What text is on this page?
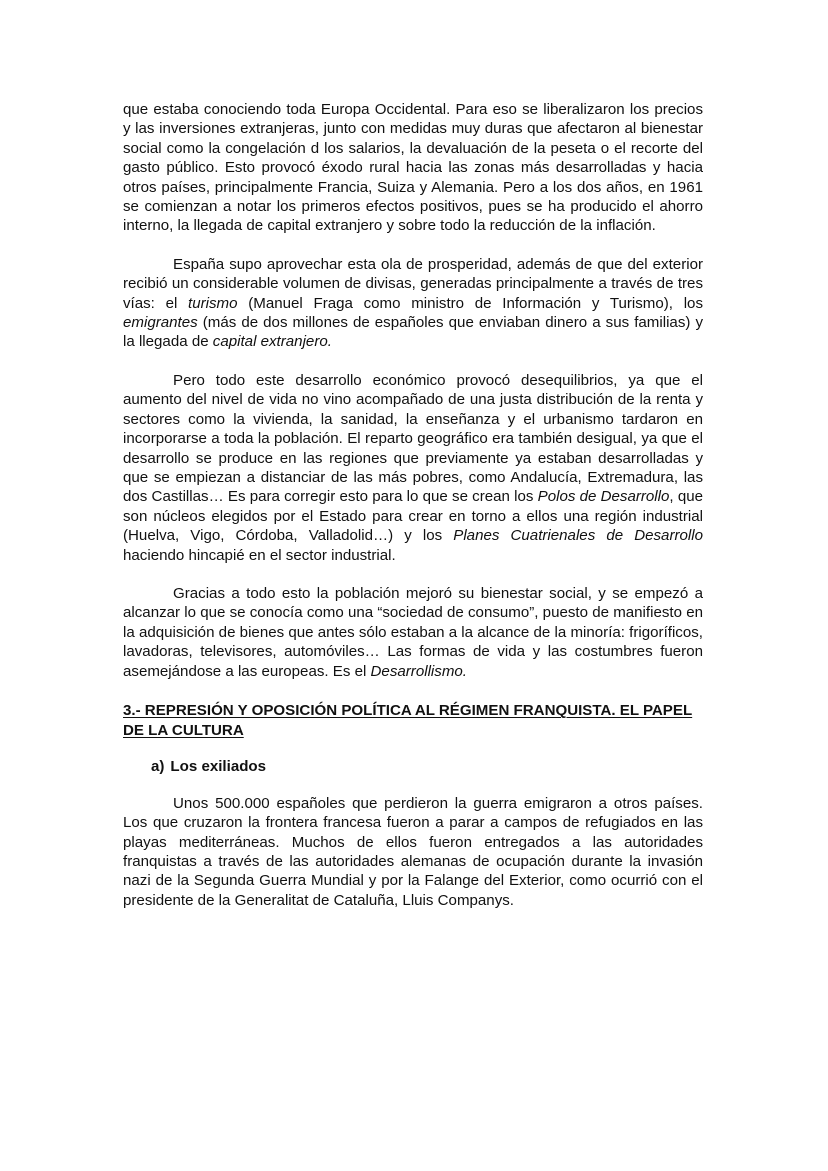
que estaba conociendo toda Europa Occidental. Para eso se liberalizaron los precios y las inversiones extranjeras, junto con medidas muy duras que afectaron al bienestar social como la congelación d los salarios, la devaluación de la peseta o el recorte del gasto público. Esto provocó éxodo rural hacia las zonas más desarrolladas y hacia otros países, principalmente Francia, Suiza y Alemania. Pero a los dos años, en 1961 se comienzan a notar los primeros efectos positivos, pues se ha producido el ahorro interno, la llegada de capital extranjero y sobre todo la reducción de la inflación.

España supo aprovechar esta ola de prosperidad, además de que del exterior recibió un considerable volumen de divisas, generadas principalmente a través de tres vías: el turismo (Manuel Fraga como ministro de Información y Turismo), los emigrantes (más de dos millones de españoles que enviaban dinero a sus familias) y la llegada de capital extranjero.

Pero todo este desarrollo económico provocó desequilibrios, ya que el aumento del nivel de vida no vino acompañado de una justa distribución de la renta y sectores como la vivienda, la sanidad, la enseñanza y el urbanismo tardaron en incorporarse a toda la población. El reparto geográfico era también desigual, ya que el desarrollo se produce en las regiones que previamente ya estaban desarrolladas y que se empiezan a distanciar de las más pobres, como Andalucía, Extremadura, las dos Castillas… Es para corregir esto para lo que se crean los Polos de Desarrollo, que son núcleos elegidos por el Estado para crear en torno a ellos una región industrial (Huelva, Vigo, Córdoba, Valladolid…) y los Planes Cuatrienales de Desarrollo haciendo hincapié en el sector industrial.

Gracias a todo esto la población mejoró su bienestar social, y se empezó a alcanzar lo que se conocía como una “sociedad de consumo”, puesto de manifiesto en la adquisición de bienes que antes sólo estaban a la alcance de la minoría: frigoríficos, lavadoras, televisores, automóviles… Las formas de vida y las costumbres fueron asemejándose a las europeas. Es el Desarrollismo.

3.- REPRESIÓN Y OPOSICIÓN POLÍTICA AL RÉGIMEN FRANQUISTA. EL PAPEL DE LA CULTURA
a) Los exiliados

Unos 500.000 españoles que perdieron la guerra emigraron a otros países. Los que cruzaron la frontera francesa fueron a parar a campos de refugiados en las playas mediterráneas. Muchos de ellos fueron entregados a las autoridades franquistas a través de las autoridades alemanas de ocupación durante la invasión nazi de la Segunda Guerra Mundial y por la Falange del Exterior, como ocurrió con el presidente de la Generalitat de Cataluña, Lluis Companys.
